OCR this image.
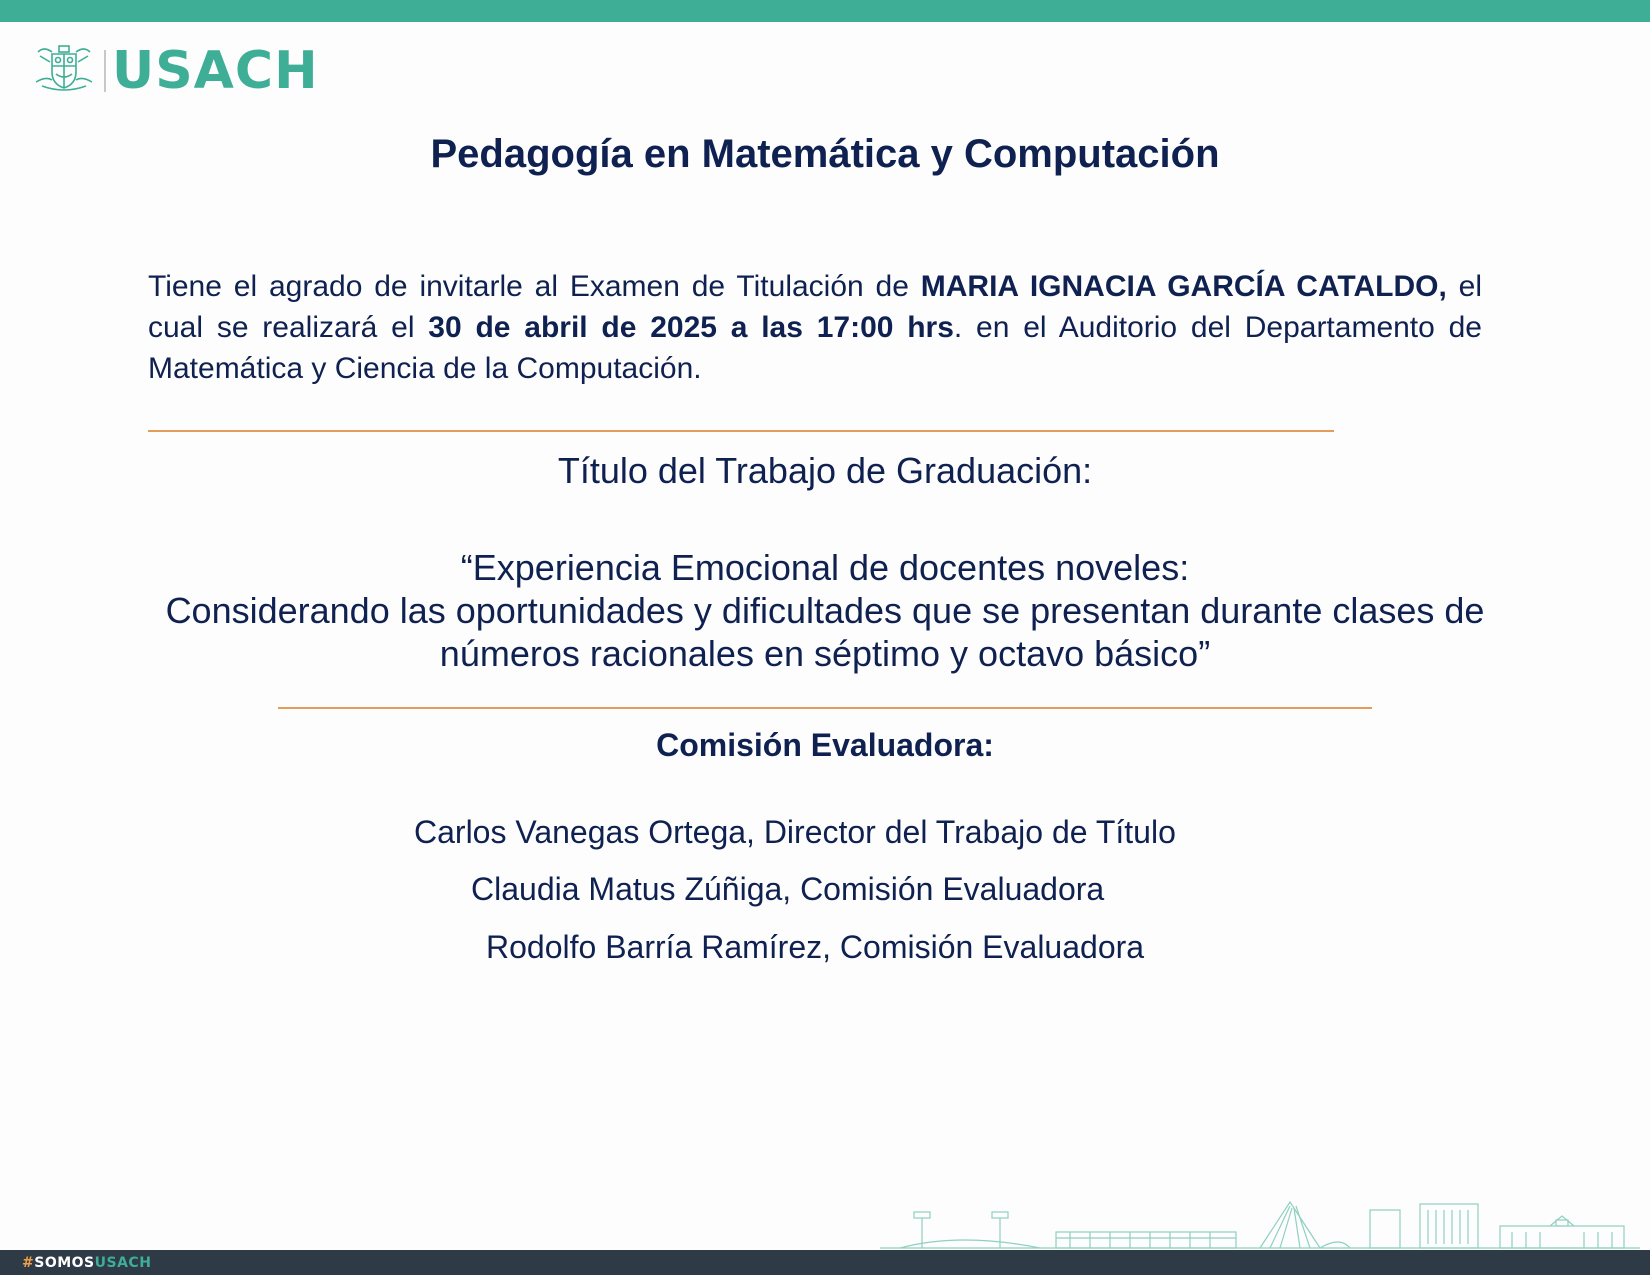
USACH
Pedagogía en Matemática y Computación
Tiene el agrado de invitarle al Examen de Titulación de MARIA IGNACIA GARCÍA CATALDO, el cual se realizará el 30 de abril de 2025 a las 17:00 hrs. en el Auditorio del Departamento de Matemática y Ciencia de la Computación.
Título del Trabajo de Graduación:
“Experiencia Emocional de docentes noveles:
Considerando las oportunidades y dificultades que se presentan durante clases de
números racionales en séptimo y octavo básico”
Comisión Evaluadora:
Carlos Vanegas Ortega, Director del Trabajo de Título
Claudia Matus Zúñiga, Comisión Evaluadora
Rodolfo Barría Ramírez, Comisión Evaluadora
#SOMOSUSACH
